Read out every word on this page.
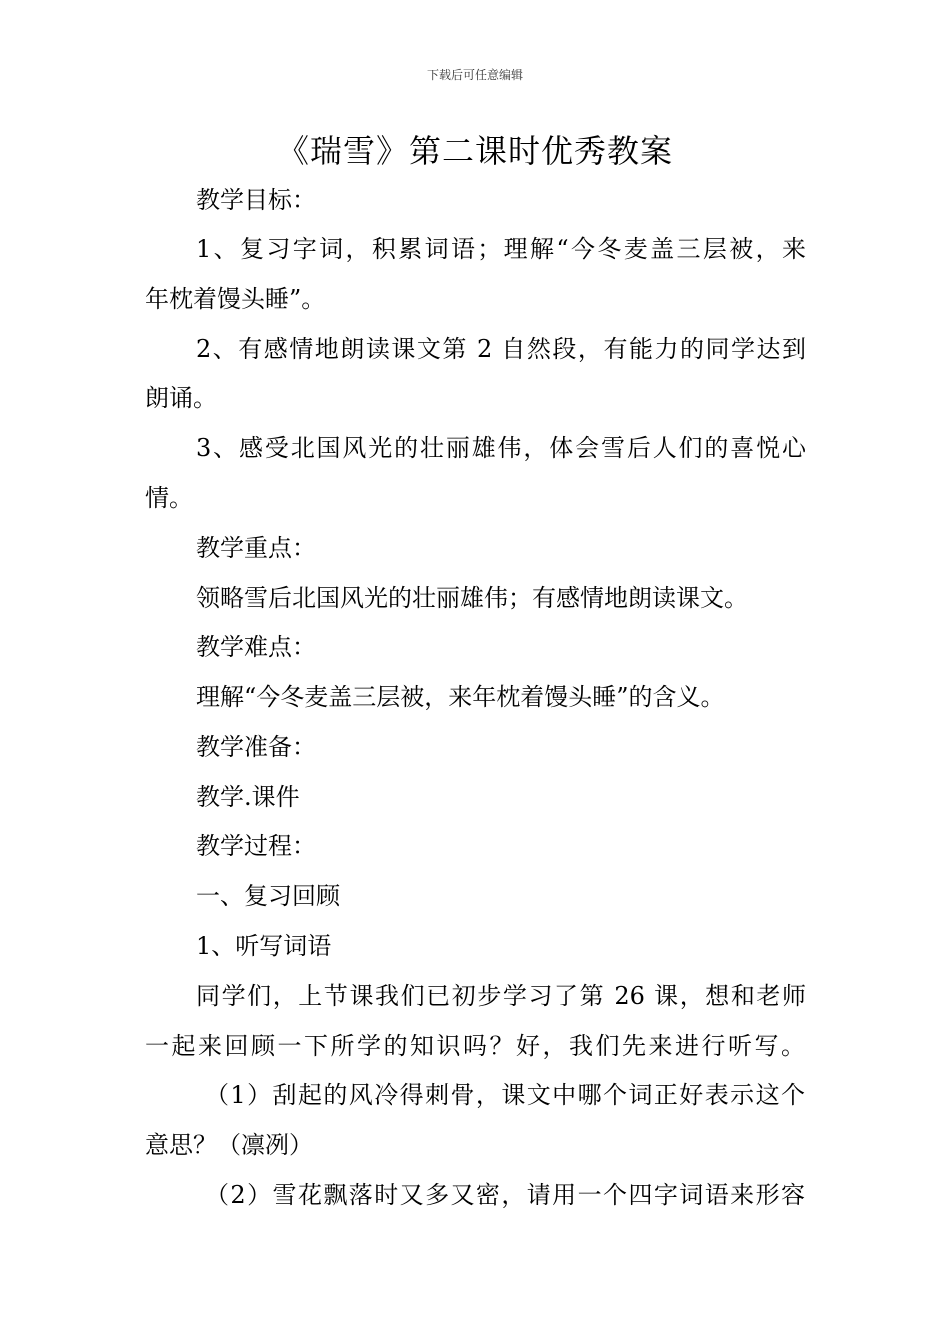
下载后可任意编辑
《瑞雪》第二课时优秀教案
教学目标：
1、复习字词，积累词语；理解“今冬麦盖三层被，来
年枕着馒头睡”。
2、有感情地朗读课文第 2 自然段，有能力的同学达到
朗诵。
3、感受北国风光的壮丽雄伟，体会雪后人们的喜悦心
情。
教学重点：
领略雪后北国风光的壮丽雄伟；有感情地朗读课文。
教学难点：
理解“今冬麦盖三层被，来年枕着馒头睡”的含义。
教学准备：
教学.课件
教学过程：
一、复习回顾
1、听写词语
同学们，上节课我们已初步学习了第 26 课，想和老师
一起来回顾一下所学的知识吗？好，我们先来进行听写。
（1）刮起的风冷得刺骨，课文中哪个词正好表示这个
意思？（凛冽）
（2）雪花飘落时又多又密，请用一个四字词语来形容
